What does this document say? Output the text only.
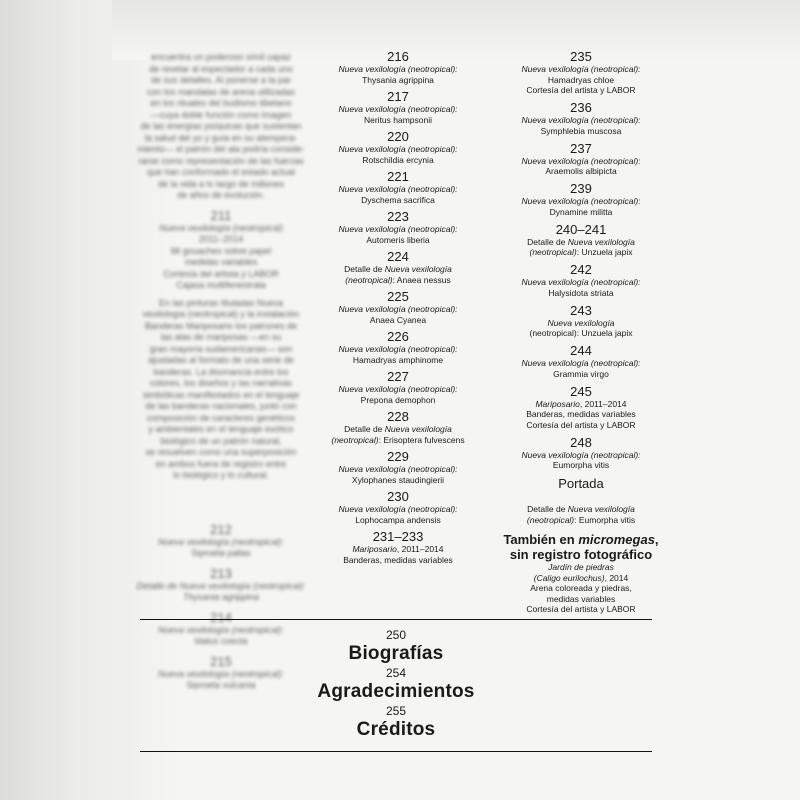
encuentra un poderoso símil capaz

de revelar al espectador a cada uno

de sus detalles. Al ponerse a la par

con los mandalas de arena utilizadas

en los rituales del budismo tibetano

—cuya doble función como imagen

de las energías psíquicas que sustentan

la salud del yo y guía en su atempera-

miento— el patrón del ala podría conside-

rarse como representación de las fuerzas

que han conformado el estado actual

de la vida a lo largo de millones

de años de evolución.

211

Nueva vexilología (neotropical)

2011–2014

Mi gouaches sobre papel

medidas variables

Cortesía del artista y LABOR

Cajasa multifenestrata

En las pinturas tituladas Nueva

vexilología (neotropical) y la instalación

Banderas Mariposario los patrones de

las alas de mariposas —en su

gran mayoría sudamericanas— son

ajustadas al formato de una serie de

banderas. La disonancia entre los

colores, los diseños y las narrativas

simbólicas manifestados en el lenguaje

de las banderas nacionales, junto con

composición de caracteres genéticos

y ambientales en el lenguaje exótico

biológico de un patrón natural,

se resuelven como una superposición

en ambos fuera de registro entre

lo biológico y lo cultural.

212

Nueva vexilología (neotropical):

Siproeta pallas

213

Detalle de Nueva vexilología (neotropical): Thysania agrippina

214

Nueva vexilología (neotropical):

Idalus coecta

215

Nueva vexilología (neotropical):

Siproeta vulcania

216

Nueva vexilología (neotropical):

Thysania agrippina

217

Nueva vexilología (neotropical):

Neritus hampsonii

220

Nueva vexilología (neotropical):

Rotschildia ercynia

221

Nueva vexilología (neotropical):

Dyschema sacrifica

223

Nueva vexilología (neotropical):

Automeris liberia

224

Detalle de Nueva vexilología

(neotropical): Anaea nessus

225

Nueva vexilología (neotropical):

Anaea Cyanea

226

Nueva vexilología (neotropical):

Hamadryas amphinome

227

Nueva vexilología (neotropical):

Prepona demophon

228

Detalle de Nueva vexilología

(neotropical): Erisoptera fulvescens

229

Nueva vexilología (neotropical):

Xylophanes staudingierii

230

Nueva vexilología (neotropical):

Lophocampa andensis

231–233

Mariposario, 2011–2014

Banderas, medidas variables

235

Nueva vexilología (neotropical):

Hamadryas chloe

Cortesía del artista y LABOR

236

Nueva vexilología (neotropical):

Symphlebia muscosa

237

Nueva vexilología (neotropical):

Araemolis albipicta

239

Nueva vexilología (neotropical):

Dynamine militta

240–241

Detalle de Nueva vexilología

(neotropical): Unzuela japix

242

Nueva vexilología (neotropical):

Halysidota striata

243

Nueva vexilología

(neotropical): Unzuela japix

244

Nueva vexilología (neotropical):

Grammia virgo

245

Mariposario, 2011–2014

Banderas, medidas variables

Cortesía del artista y LABOR

248

Nueva vexilología (neotropical):

Eumorpha vitis

Portada

Detalle de Nueva vexilología

(neotropical): Eumorpha vitis

También en micromegas,

sin registro fotográfico

Jardín de piedras

(Caligo eurilochus), 2014

Arena coloreada y piedras,

medidas variables

Cortesía del artista y LABOR

250
Biografías
254
Agradecimientos
255
Créditos
